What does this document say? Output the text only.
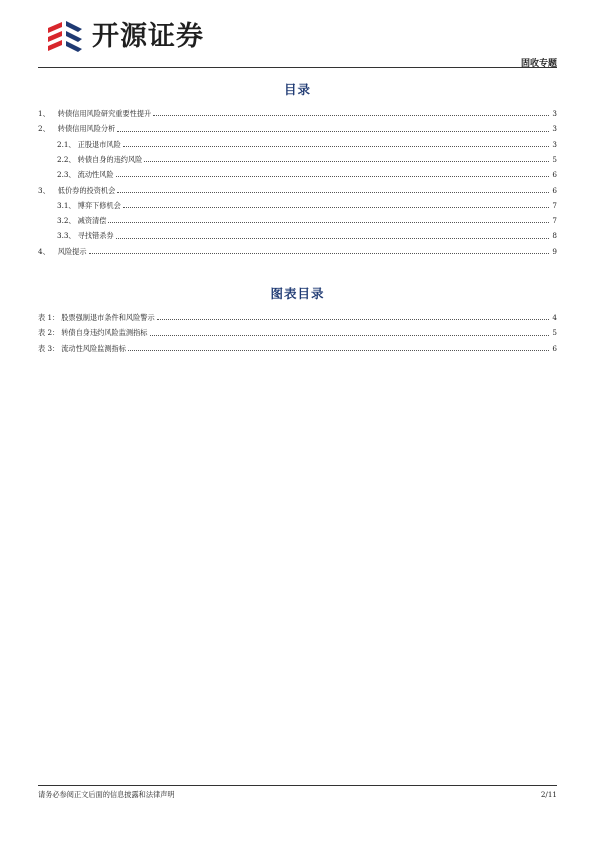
开源证券
固收专题
目录
1、 转债信用风险研究重要性提升	3
2、 转债信用风险分析	3
2.1、 正股退市风险	3
2.2、 转债自身的违约风险	5
2.3、 流动性风险	6
3、 低价券的投资机会	6
3.1、 博弈下修机会	7
3.2、 减资清偿	7
3.3、 寻找错杀券	8
4、 风险提示	9
图表目录
表 1： 股票强制退市条件和风险警示	4
表 2： 转债自身违约风险监测指标	5
表 3： 流动性风险监测指标	6
请务必参阅正文后面的信息披露和法律声明	2/11
